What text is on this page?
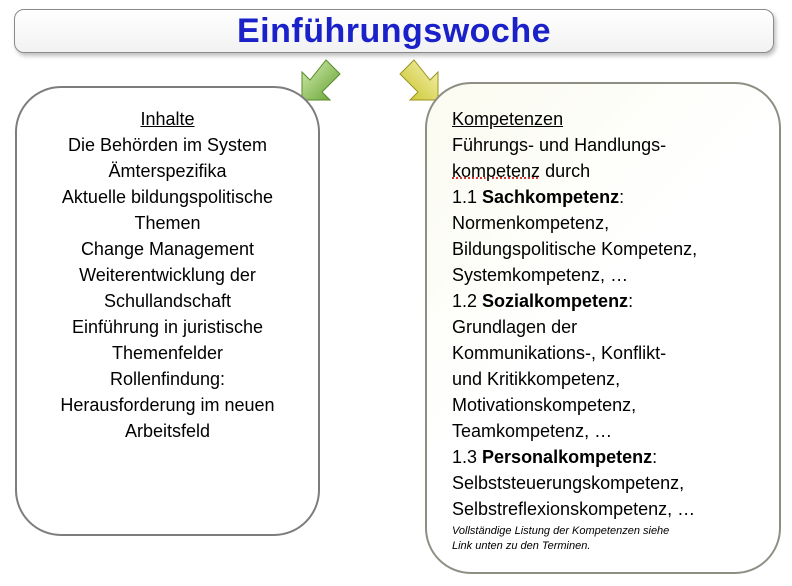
Einführungswoche
Inhalte
Die Behörden im System
Ämterspezifika
Aktuelle bildungspolitische
Themen
Change Management
Weiterentwicklung der
Schullandschaft
Einführung in juristische
Themenfelder
Rollenfindung:
Herausforderung im neuen
Arbeitsfeld
Kompetenzen
Führungs- und Handlungs-
kompetenz durch
1.1 Sachkompetenz:
Normenkompetenz,
Bildungspolitische Kompetenz,
Systemkompetenz, …
1.2 Sozialkompetenz:
Grundlagen der
Kommunikations-, Konflikt-
und Kritikkompetenz,
Motivationskompetenz,
Teamkompetenz, …
1.3 Personalkompetenz:
Selbststeuerungskompetenz,
Selbstreflexionskompetenz, …
Vollständige Listung der Kompetenzen siehe
Link unten zu den Terminen.
